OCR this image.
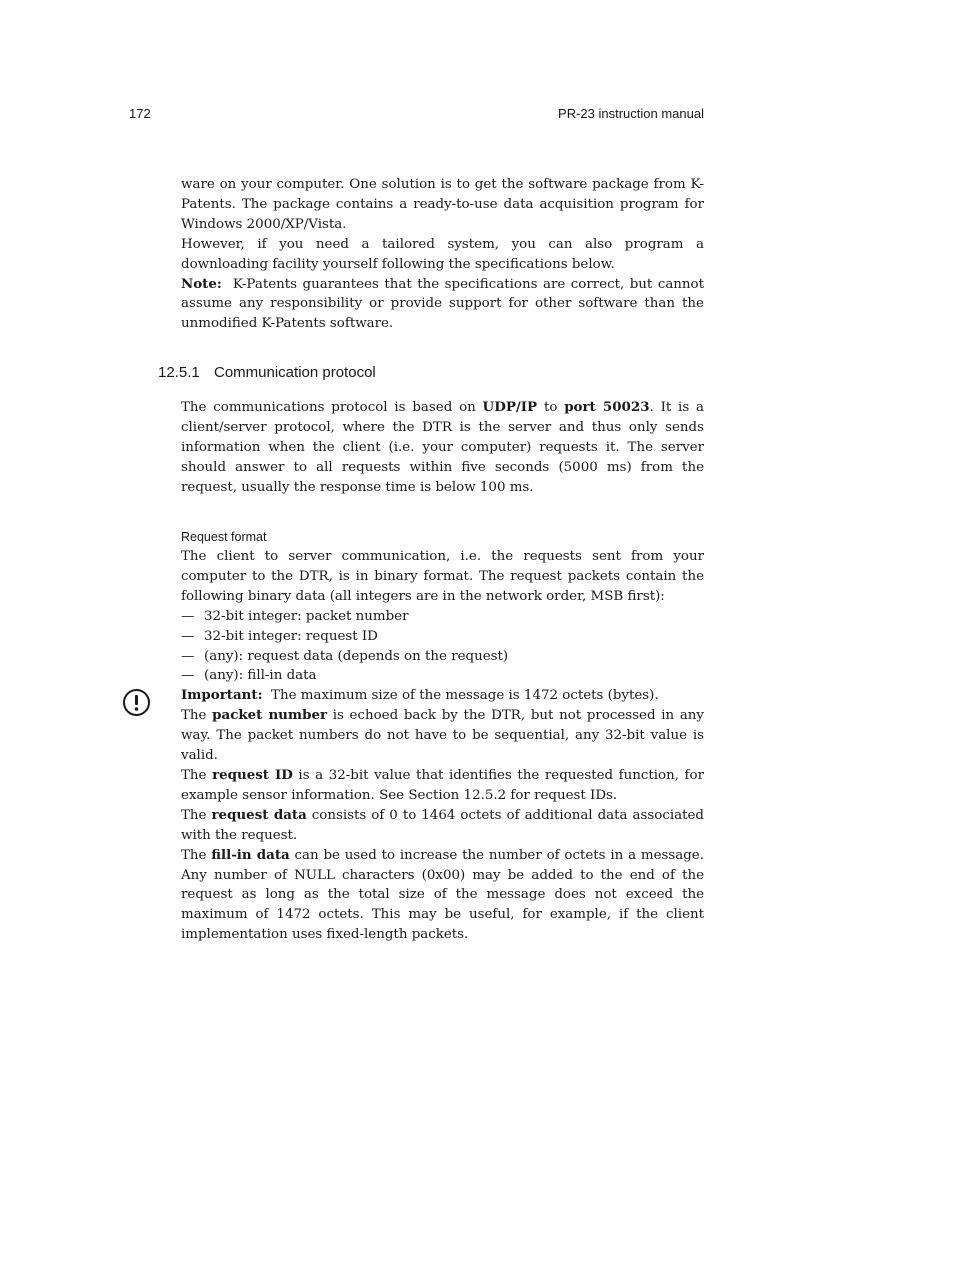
172	PR-23 instruction manual

ware on your computer. One solution is to get the software package from K-Patents. The package contains a ready-to-use data acquisition program for Windows 2000/XP/Vista.

However, if you need a tailored system, you can also program a downloading facility yourself following the specifications below.

Note: K-Patents guarantees that the specifications are correct, but cannot assume any responsibility or provide support for other software than the unmodified K-Patents software.

12.5.1 Communication protocol

The communications protocol is based on UDP/IP to port 50023. It is a client/server protocol, where the DTR is the server and thus only sends information when the client (i.e. your computer) requests it. The server should answer to all requests within five seconds (5000 ms) from the request, usually the response time is below 100 ms.

Request format

The client to server communication, i.e. the requests sent from your computer to the DTR, is in binary format. The request packets contain the following binary data (all integers are in the network order, MSB first):

— 32-bit integer: packet number
— 32-bit integer: request ID
— (any): request data (depends on the request)
— (any): fill-in data

Important: The maximum size of the message is 1472 octets (bytes).

The packet number is echoed back by the DTR, but not processed in any way. The packet numbers do not have to be sequential, any 32-bit value is valid.

The request ID is a 32-bit value that identifies the requested function, for example sensor information. See Section 12.5.2 for request IDs.

The request data consists of 0 to 1464 octets of additional data associated with the request.

The fill-in data can be used to increase the number of octets in a message. Any number of NULL characters (0x00) may be added to the end of the request as long as the total size of the message does not exceed the maximum of 1472 octets. This may be useful, for example, if the client implementation uses fixed-length packets.
